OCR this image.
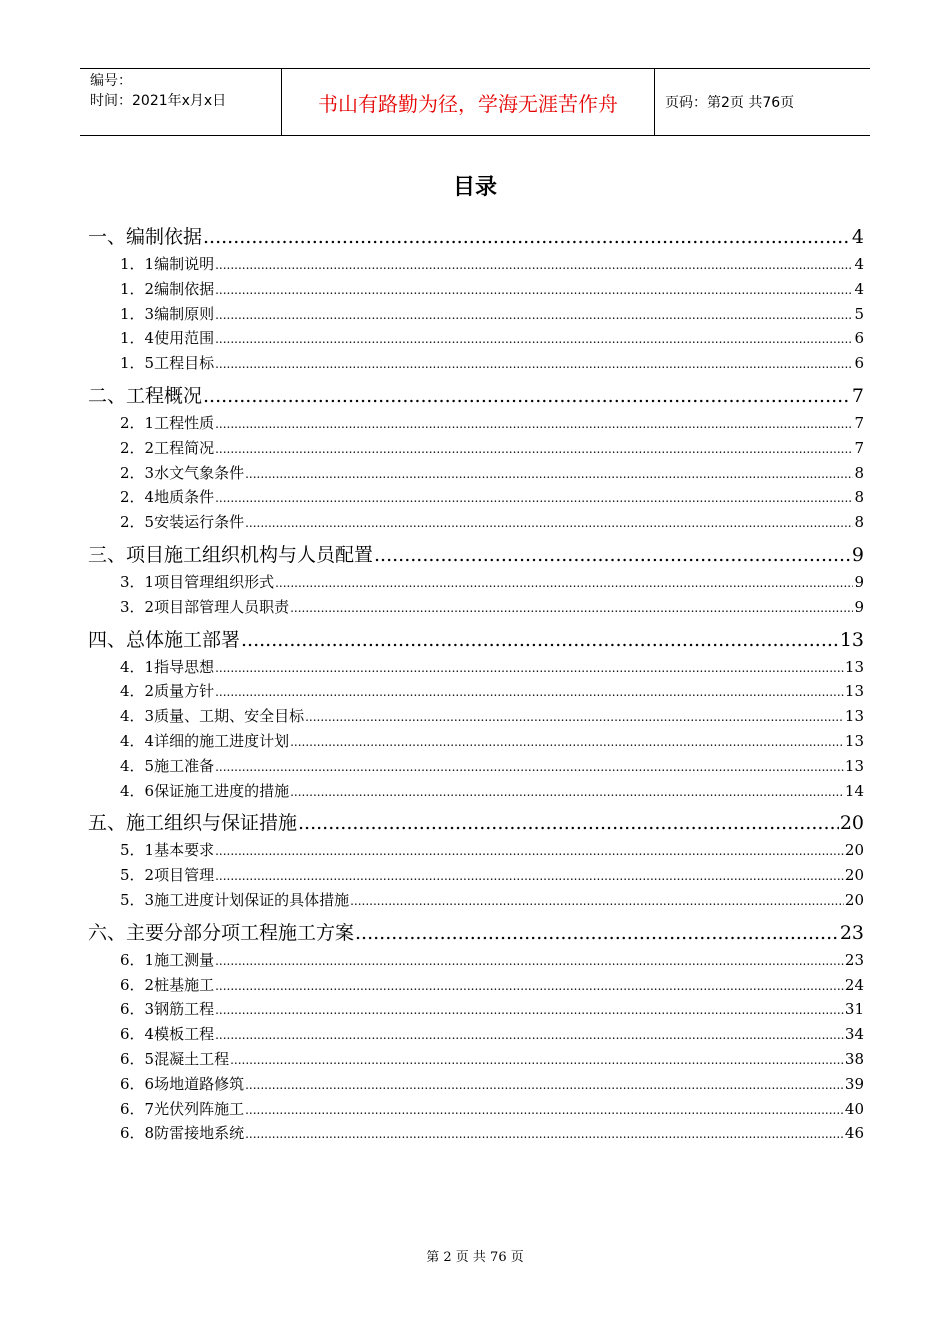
编号：
时间：2021年x月x日	书山有路勤为径，学海无涯苦作舟	页码：第2页 共76页
目录
一、编制依据 .....	4
1．1编制说明 .....	4
1．2编制依据 .....	4
1．3编制原则 .....	5
1．4使用范围 .....	6
1．5工程目标 .....	6
二、工程概况 .....	7
2．1工程性质 .....	7
2．2工程简况 .....	7
2．3水文气象条件 .....	8
2．4地质条件 .....	8
2．5安装运行条件 .....	8
三、项目施工组织机构与人员配置 .....	9
3．1项目管理组织形式 .....	9
3．2项目部管理人员职责 .....	9
四、总体施工部署 .....	13
4．1指导思想 .....	13
4．2质量方针 .....	13
4．3质量、工期、安全目标 .....	13
4．4详细的施工进度计划 .....	13
4．5施工准备 .....	13
4．6保证施工进度的措施 .....	14
五、施工组织与保证措施 .....	20
5．1基本要求 .....	20
5．2项目管理 .....	20
5．3施工进度计划保证的具体措施 .....	20
六、主要分部分项工程施工方案 .....	23
6．1施工测量 .....	23
6．2桩基施工 .....	24
6．3钢筋工程 .....	31
6．4模板工程 .....	34
6．5混凝土工程 .....	38
6．6场地道路修筑 .....	39
6．7光伏列阵施工 .....	40
6．8防雷接地系统 .....	46
第 2 页 共 76 页
